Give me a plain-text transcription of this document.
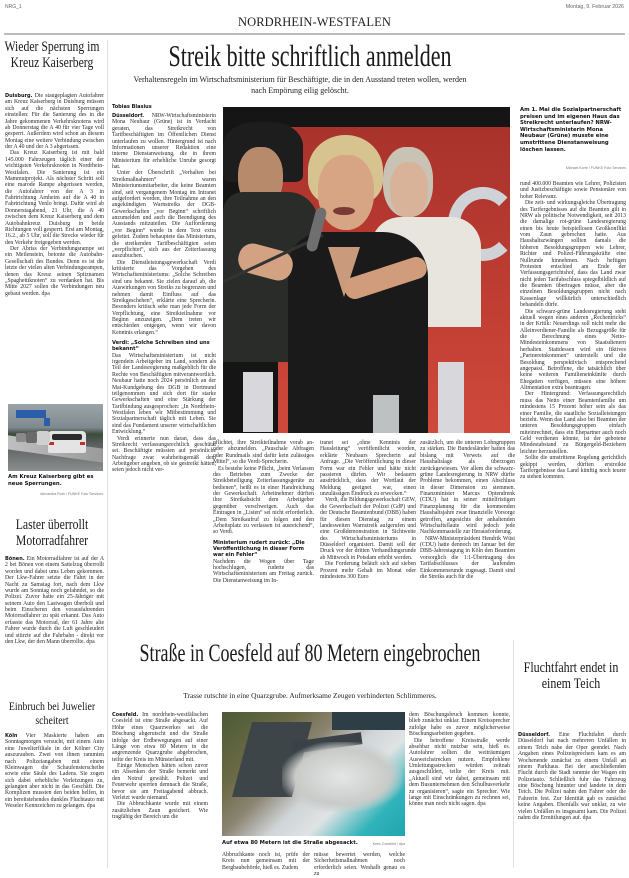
NRG_1	Montag, 9. Februar 2026
NORDRHEIN-WESTFALEN
Wieder Sperrung im Kreuz Kaiserberg

Duisburg. Die staugeplagten Autofahrer am Kreuz Kaiserberg in Duisburg müssen sich auf die nächsten Sperrungen einstellen: Für die Sanierung des in die Jahre gekommenen Verkehrsknotens wird ab Donnerstag die A 40 für vier Tage voll gesperrt. Außerdem wird schon an diesem Montag eine weitere Verbindung zwischen der A 40 und der A 3 abgerissen.

Das Kreuz Kaiserberg ist mit bald 145.000 Fahrzeugen täglich einer der wichtigsten Verkehrsknoten in Nordrhein-Westfalen. Die Sanierung ist ein Mammutprojekt. Als nächster Schritt soll eine marode Rampe abgerissen werden, die Autofahrer von der A 3 in Fahrtrichtung Arnheim auf die A 40 in Fahrtrichtung Venlo bringt. Dafür wird ab Donnerstagabend, 21 Uhr, die A 40 zwischen dem Kreuz Kaiserberg und dem Autobahnkreuz Duisburg in beide Richtungen voll gesperrt. Erst am Montag, 16.2., ab 5 Uhr, soll die Strecke wieder für den Verkehr freigegeben werden.

Der Abriss der Verbindungsrampe sei ein Meilenstein, betonte die Autobahn-Gesellschaft des Bundes. Denn es ist die letzte der vielen alten Verbindungsrampen, denen das Kreuz seinen Spitznamen „Spaghettiknoten“ zu verdanken hat. Bis Mitte 2027 sollen die Verbindungen neu gebaut werden. dpa

Am Kreuz Kaiserberg gibt es neue Sperrungen.
Alexandra Roth / FUNKE Foto Services
Laster überrollt Motorradfahrer

Bönen. Ein Motorradfahrer ist auf der A 2 bei Bönen von einem Sattelzug überrollt worden und dabei ums Leben gekommen. Der Lkw-Fahrer setzte die Fahrt in der Nacht zu Samstag fort, nach dem Lkw wurde am Sonntag noch gefahndet, so die Polizei. Zuvor hatte ein 25-Jähriger mit seinem Auto den Lastwagen überholt und beim Einscheren den vorausfahrenden Motorradfahrer zu spät erkannt. Das Auto erfasste das Motorrad, der 61 Jahre alte Fahrer wurde durch die Luft geschleudert und stürzte auf die Fahrbahn - direkt vor den Lkw, der den Mann überrollte. dpa

Einbruch bei Juwelier scheitert

Köln Vier Maskierte haben am Sonntagmorgen versucht, mit einem Auto eine Juwelierfiliale in der Kölner City auszurauben. Zwei von ihnen rammten nach Polizeiangaben mit einem Kleinwagen die Schaufensterscheibe sowie eine Säule des Ladens. Sie zogen sich dabei erhebliche Verletzungen zu, gelangten aber nicht in das Geschäft. Die Komplizen mussten den beiden helfen, in ein bereitstehendes dunkles Fluchtauto mit Weseler Kennzeichen zu gelangen. dpa

Streik bitte schriftlich anmelden
Verhaltensregeln im Wirtschaftsministerium für Beschäftigte, die in den Ausstand treten wollen, werden nach Empörung eilig gelöscht.
Tobias Blasius

Düsseldorf. NRW-Wirtschaftsministerin Mona Neubaur (Grüne) ist in Verdacht geraten, das Streikrecht von Tarifbeschäftigten im Öffentlichen Dienst unterlaufen zu wollen. Hintergrund ist nach Informationen unserer Redaktion eine interne Dienstanweisung, die in ihrem Ministerium für erhebliche Unruhe gesorgt hat.

Unter der Überschrift „Verhalten bei Streikmaßnahmen“ waren Ministeriumsmitarbeiter, die keine Beamten sind, seit vergangenem Montag im Intranet aufgefordert worden, ihre Teilnahme an den angekündigten Warnstreiks der DGB-Gewerkschaften „vor Beginn“ schriftlich anzumelden und auch die Beendigung des Ausstands mitzuteilen. Die Aufforderung „vor Beginn“ wurde in dem Text extra gefettet. Zudem behauptete das Ministerium, die streikenden Tarifbeschäftigten seien „verpflichtet“, sich aus der Zeiterfassung auszubuchen.

Die Dienstleistungsgewerkschaft Verdi kritisierte das Vorgehen des Wirtschaftsministeriums: „Solche Schreiben sind uns bekannt. Sie zielen darauf ab, die Auswirkungen von Streiks zu begrenzen und nehmen damit Einfluss auf das Streikgeschehen“, erklärte eine Sprecherin. Besonders kritisch sehe man jede Form der Verpflichtung, eine Streikteilnahme vor Beginn anzuzeigen. „Dem treten wir entschieden entgegen, wenn wir davon Kenntnis erlangen.“

Verdi: „Solche Schreiben sind uns bekannt“

Das Wirtschaftsministerium ist nicht irgendein Arbeitgeber im Land, sondern als Teil der Landesregierung maßgeblich für die Rechte von Beschäftigten mitverantwortlich. Neubaur hatte noch 2024 persönlich an der Mai-Kundgebung des DGB in Dortmund teilgenommen und sich dort für starke Gewerkschaften und eine Stärkung der Tarifbindung ausgesprochen: „In Nordrhein-Westfalen leben wir Mitbestimmung und Sozialpartnerschaft täglich mit Leben. Sie sind das Fundament unserer wirtschaftlichen Entwicklung.“

Verdi erinnerte nun daran, dass das Streikrecht verfassungsrechtlich geschützt sei. Beschäftigte müssten auf persönliche Nachfrage zwar wahrheitsgemäß dem Arbeitgeber angeben, ob sie gestreikt hätten, seien jedoch nicht ver-

Am 1. Mai die Sozialpartnerschaft preisen und im eigenen Haus das Streikrecht unterlaufen? NRW-Wirtschaftsministerin Mona Neubaur (Grüne) musste eine umstrittene Dienstanweisung löschen lassen.
Michael Korte / FUNKE Foto Services

pflichtet, ihre Streikteilnahme vorab an- oder abzumelden. „Pauschale Abfragen oder Rundmails sind dafür kein zulässiges Mittel“, so die Verdi-Sprecherin.

Es bestehe keine Pflicht, „beim Verlassen des Betriebes zum Zwecke der Streikbeteiligung Zeiterfassungsgeräte zu bedienen“, heißt es in einer Handreichung der Gewerkschaft. Arbeitnehmer dürften ihre Streikabsicht dem Arbeitgeber gegenüber verschweigen. Auch das Eintragen in „Listen“ sei nicht erforderlich. „Dem Streikaufruf zu folgen und den Arbeitsplatz zu verlassen ist ausreichend“, so Verdi.

Ministerium rudert zurück: „Die Veröffentlichung in dieser Form war ein Fehler“

Nachdem die Wogen über Tage hochschlugen, ruderte das Wirtschaftsministerium am Freitag zurück. Die Dienstanweisung im In-

tranet sei „ohne Kenntnis der Hausleitung“ veröffentlicht worden, erklärte Neubaurs Sprecherin auf Anfrage. „Die Veröffentlichung in dieser Form war ein Fehler und hätte nicht passieren dürfen. Wir bedauern ausdrücklich, dass der Wortlaut der Meldung geeignet war, einen unzulässigen Eindruck zu erwecken.“

Verdi, die Bildungsgewerkschaft GEW, die Gewerkschaft der Polizei (GdP) und der Deutsche Beamtenbund (DBB) haben für diesen Dienstag zu einem landesweiten Warnstreik aufgerufen und eine Großdemonstration in Sichtweite des Wirtschaftsministeriums in Düsseldorf organisiert. Damit soll der Druck vor der dritten Verhandlungsrunde ab Mittwoch in Potsdam erhöht werden.

Die Forderung beläuft sich auf sieben Prozent mehr Gehalt im Monat oder mindestens 300 Euro

zusätzlich, um die unteren Lohngruppen zu stärken. Die Bundesländer hatten das bislang mit Verweis auf die Haushaltslage als überzogen zurückgewiesen. Vor allem die schwarz-grüne Landesregierung in NRW dürfte Probleme bekommen, einen Abschluss in dieser Dimension zu stemmen. Finanzminister Marcus Optendrenk (CDU) hat in seiner mittelfristigen Finanzplanung für die kommenden Haushaltsjahre zwar finanzielle Vorsorge getroffen, angesichts der anhaltenden Wirtschaftsflaute wird jedoch jede Nachkommastelle zur Herausforderung.

NRW-Ministerpräsident Hendrik Wüst (CDU) hatte dennoch im Januar bei der DBB-Jahrestagung in Köln den Beamten vorsorglich die 1:1-Übertragung des Tarifabschlusses der laufenden Einkommensrunde zugesagt. Damit sind die Streiks auch für die

rund 400.000 Beamten wie Lehrer, Polizisten und Justizbeschäftigte sowie Pensionäre von hoher Relevanz.

Die zeit- und wirkungsgleiche Übertragung des Tarifergebnisses auf die Beamten gilt in NRW als politische Notwendigkeit, seit 2013 die damalige rot-grüne Landesregierung einen bis heute beispiellosen Großkonflikt vom Zaun gebrochen hatte. Aus Haushaltszwängen sollten damals die höheren Besoldungsgruppen wie Lehrer, Richter und Polizei-Führungskräfte eine Nullrunde hinnehmen. Nach heftigen Protesten entschied am Ende der Verfassungsgerichtshof, dass das Land zwar nicht jeden Tarifabschluss spiegelbildlich auf die Beamten übertragen müsse, aber die einzelnen Besoldungsgruppen nicht nach Kassenlage willkürlich unterschiedlich behandeln dürfe.

Die schwarz-grüne Landesregierung steht aktuell wegen eines anderen „Rechentricks“ in der Kritik: Neuerdings soll nicht mehr die Alleinverdiener-Familie als Bezugsgröße für die Berechnung eines Netto-Mindesteinkommens von Staatsdienern herhalten. Stattdessen wird ein fiktives „Partnereinkommen“ unterstellt und die Besoldung perspektivisch entsprechend angepasst. Betroffene, die tatsächlich über keine weiteren Familieneinkünfte durch Ehegatten verfügen, müssen eine höhere Alimentation extra beantragen.

Der Hintergrund: Verfassungsrechtlich muss das Netto einer Beamtenfamilie um mindestens 15 Prozent höher sein als das einer Familie, die staatliche Sozialleistungen bezieht. Wenn das Land also bei Beamten der unteren Besoldungsgruppen einfach miteinrechnet, dass ein Ehepartner auch noch Geld verdienen könnte, ist der gebotene Mindestabstand zu Bürgergeld-Beziehern leichter herzustellen.

Sollte die umstrittene Regelung gerichtlich gekippt werden, dürften erstreikte Tarifergebnisse das Land künftig noch teurer zu stehen kommen.

Straße in Coesfeld auf 80 Metern eingebrochen
Trasse rutschte in eine Quarzgrube. Aufmerksame Zeugen verhinderten Schlimmeres.

Coesfeld. Im nordrhein-westfälischen Coesfeld ist eine Straße abgesackt. Auf Höhe eines Quarzwerkes sei die Böschung abgerutscht und die Straße infolge der Erdbewegungen auf einer Länge von etwa 80 Metern in die angrenzende Quarzgrube abgebrochen, teilte der Kreis im Münsterland mit.

Einige Menschen hätten schon zuvor ein Absenken der Straße bemerkt und den Notruf gewählt. Polizei und Feuerwehr sperrten demnach die Straße, bevor sie am Freitagabend abbrach. Verletzt wurde niemand.

Die Abbruchkante wurde mit einem zusätzlichen Zaun gesichert. Wie tragfähig der Bereich um die

Auf etwa 80 Metern ist die Straße abgesackt.	Kreis Coesfeld / dpa

Abbruchkante noch ist, prüfe der Kreis nun gemeinsam mit der Bergbaubehörde, hieß es. Zudem

müsse bewertet werden, welche Sicherheitsmaßnahmen noch erforderlich seien. Weshalb genau es zu

dem Böschungsbruch kommen konnte, blieb zunächst unklar. Einem Kreissprecher zufolge habe es zuvor möglicherweise Böschungsarbeiten gegeben.

Die betroffene Kreisstraße werde absehbar nicht nutzbar sein, hieß es. Autofahrer sollten die weiträumigen Ausweichstrecken nutzen. Empfohlene Umleitungsstrecken würden zeitnah ausgeschildert, teilte der Kreis mit. „Aktuell sind wir dabei, gemeinsam mit dem Busunternehmen den Schulbusverkehr zu organisieren“, sagte ein Sprecher. Wie lange mit Einschränkungen zu rechnen sei, könne man noch nicht sagen. dpa

Fluchtfahrt endet in einem Teich

Düsseldorf. Eine Fluchtfahrt durch Düsseldorf hat nach mehreren Unfällen in einem Teich nahe der Oper geendet. Nach Angaben eines Polizeisprechers kam es am Wochenende zunächst zu einem Unfall an einem Parkhaus. Bei der anschließenden Flucht durch die Stadt rammte der Wagen ein Polizeiauto. Schließlich fuhr das Fahrzeug eine Böschung hinunter und landete in dem Teich. Die Polizei nahm den Fahrer oder die Fahrerin fest. Zur Identität gab es zunächst keine Angaben. Ebenfalls war unklar, zu wie vielen Unfällen es insgesamt kam. Die Polizei nahm die Ermittlungen auf. dpa
